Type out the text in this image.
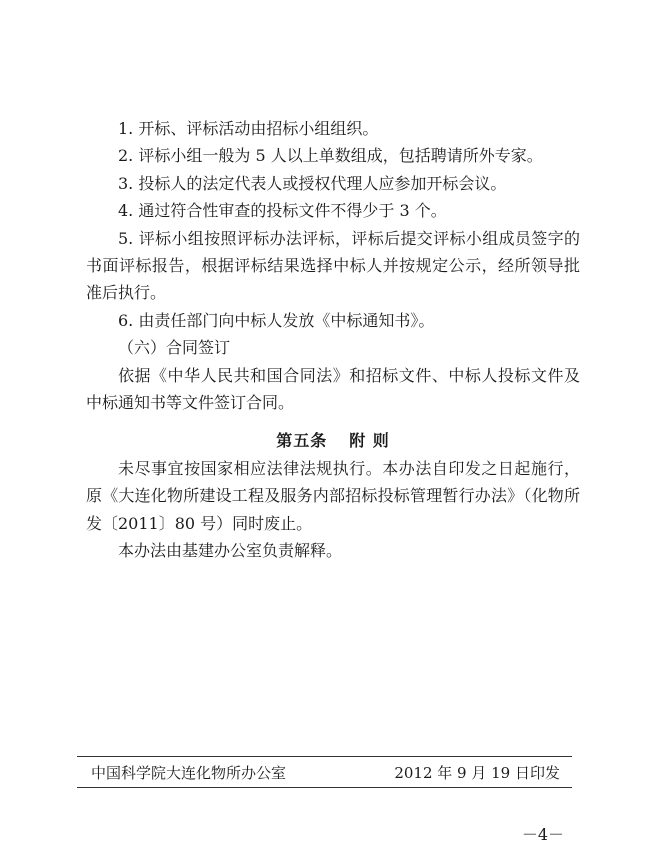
1. 开标、评标活动由招标小组组织。

2. 评标小组一般为 5 人以上单数组成，包括聘请所外专家。

3. 投标人的法定代表人或授权代理人应参加开标会议。

4. 通过符合性审查的投标文件不得少于 3 个。

5. 评标小组按照评标办法评标，评标后提交评标小组成员签字的书面评标报告，根据评标结果选择中标人并按规定公示，经所领导批准后执行。

6. 由责任部门向中标人发放《中标通知书》。

（六）合同签订

依据《中华人民共和国合同法》和招标文件、中标人投标文件及中标通知书等文件签订合同。

第五条 附 则

未尽事宜按国家相应法律法规执行。本办法自印发之日起施行，原《大连化物所建设工程及服务内部招标投标管理暂行办法》（化物所发〔2011〕80 号）同时废止。

本办法由基建办公室负责解释。

中国科学院大连化物所办公室	2012 年 9 月 19 日印发
－4－
